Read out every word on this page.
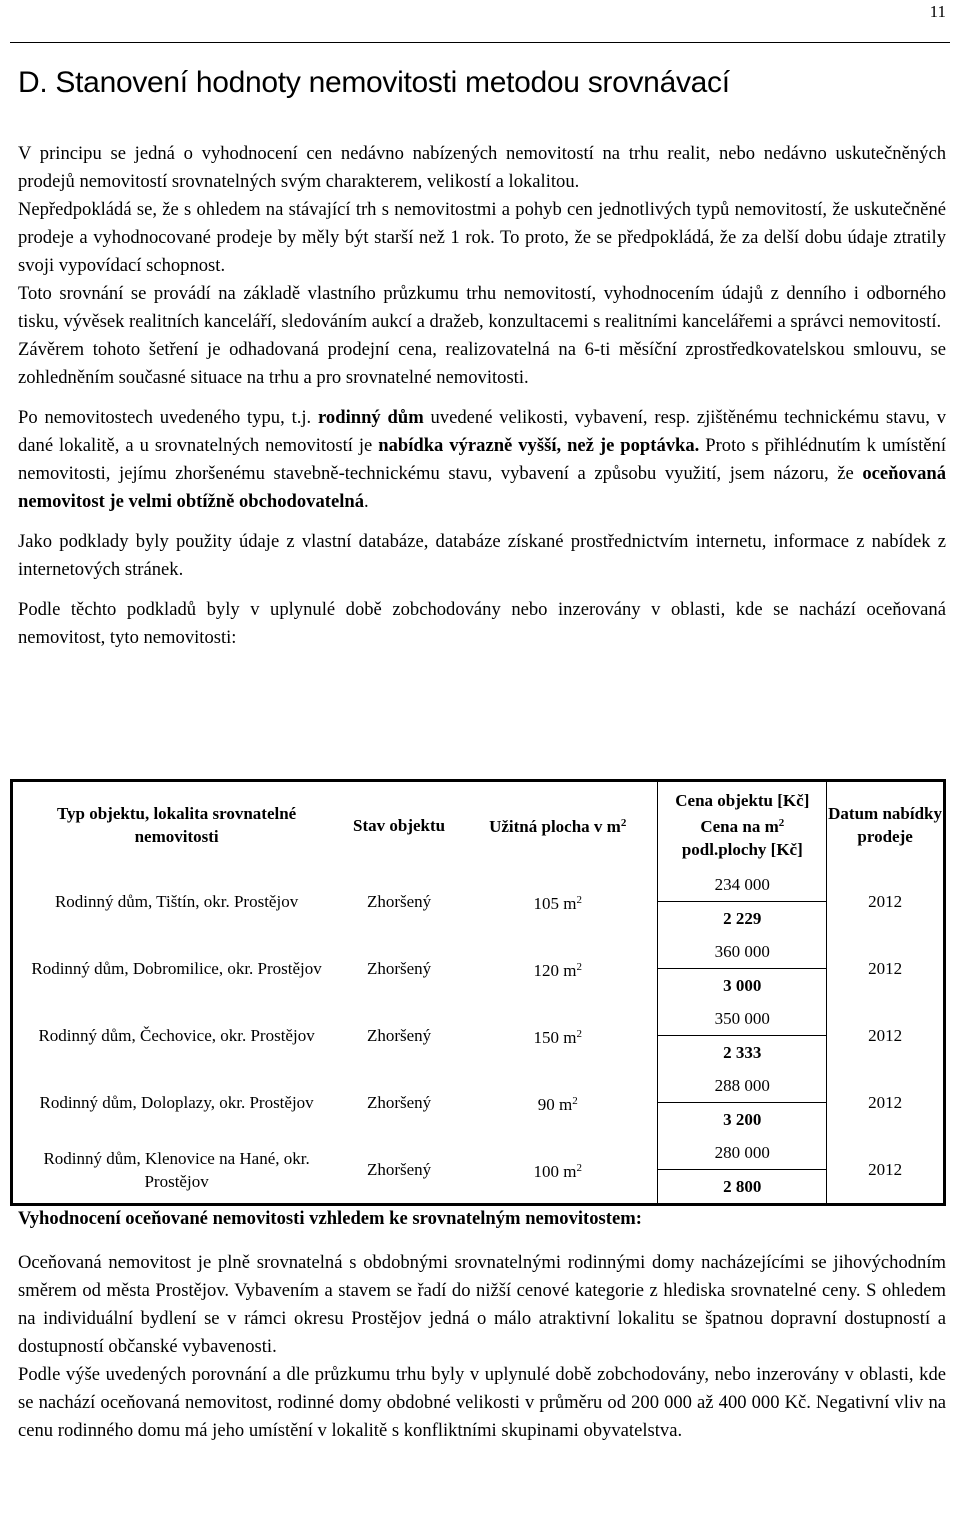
11
D. Stanovení hodnoty nemovitosti metodou srovnávací

V principu se jedná o vyhodnocení cen nedávno nabízených nemovitostí na trhu realit, nebo nedávno uskutečněných prodejů nemovitostí srovnatelných svým charakterem, velikostí a lokalitou.

Nepředpokládá se, že s ohledem na stávající trh s nemovitostmi a pohyb cen jednotlivých typů nemovitostí, že uskutečněné prodeje a vyhodnocované prodeje by měly být starší než 1 rok. To proto, že se předpokládá, že za delší dobu údaje ztratily svoji vypovídací schopnost.

Toto srovnání se provádí na základě vlastního průzkumu trhu nemovitostí, vyhodnocením údajů z denního i odborného tisku, vývěsek realitních kanceláří, sledováním aukcí a dražeb, konzultacemi s realitními kancelářemi a správci nemovitostí.

Závěrem tohoto šetření je odhadovaná prodejní cena, realizovatelná na 6-ti měsíční zprostředkovatelskou smlouvu, se zohledněním současné situace na trhu a pro srovnatelné nemovitosti.

Po nemovitostech uvedeného typu, t.j. rodinný dům uvedené velikosti, vybavení, resp. zjištěnému technickému stavu, v dané lokalitě, a u srovnatelných nemovitostí je nabídka výrazně vyšší, než je poptávka. Proto s přihlédnutím k umístění nemovitosti, jejímu zhoršenému stavebně-technickému stavu, vybavení a způsobu využití, jsem názoru, že oceňovaná nemovitost je velmi obtížně obchodovatelná.

Jako podklady byly použity údaje z vlastní databáze, databáze získané prostřednictvím internetu, informace z nabídek z internetových stránek.

Podle těchto podkladů byly v uplynulé době zobchodovány nebo inzerovány v oblasti, kde se nachází oceňovaná nemovitost, tyto nemovitosti:

Typ objektu, lokalita srovnatelné nemovitosti	Stav objektu	Užitná plocha v $m^2$	Cena objektu [Kč]
Cena na $m^2$
podl.plochy [Kč]	Datum nabídky prodeje
Rodinný dům, Tištín, okr. Prostějov	Zhoršený	105 $m^2$	234 000
2 229	2012
Rodinný dům, Dobromilice, okr. Prostějov	Zhoršený	120 $m^2$	360 000
3 000	2012
Rodinný dům, Čechovice, okr. Prostějov	Zhoršený	150 $m^2$	350 000
2 333	2012
Rodinný dům, Doloplazy, okr. Prostějov	Zhoršený	90 $m^2$	288 000
3 200	2012
Rodinný dům, Klenovice na Hané, okr. Prostějov	Zhoršený	100 $m^2$	280 000
2 800	2012
Vyhodnocení oceňované nemovitosti vzhledem ke srovnatelným nemovitostem:

Oceňovaná nemovitost je plně srovnatelná s obdobnými srovnatelnými rodinnými domy nacházejícími se jihovýchodním směrem od města Prostějov. Vybavením a stavem se řadí do nižší cenové kategorie z hlediska srovnatelné ceny. S ohledem na individuální bydlení se v rámci okresu Prostějov jedná o málo atraktivní lokalitu se špatnou dopravní dostupností a dostupností občanské vybavenosti.

Podle výše uvedených porovnání a dle průzkumu trhu byly v uplynulé době zobchodovány, nebo inzerovány v oblasti, kde se nachází oceňovaná nemovitost, rodinné domy obdobné velikosti v průměru od 200 000 až 400 000 Kč. Negativní vliv na cenu rodinného domu má jeho umístění v lokalitě s konfliktními skupinami obyvatelstva.
